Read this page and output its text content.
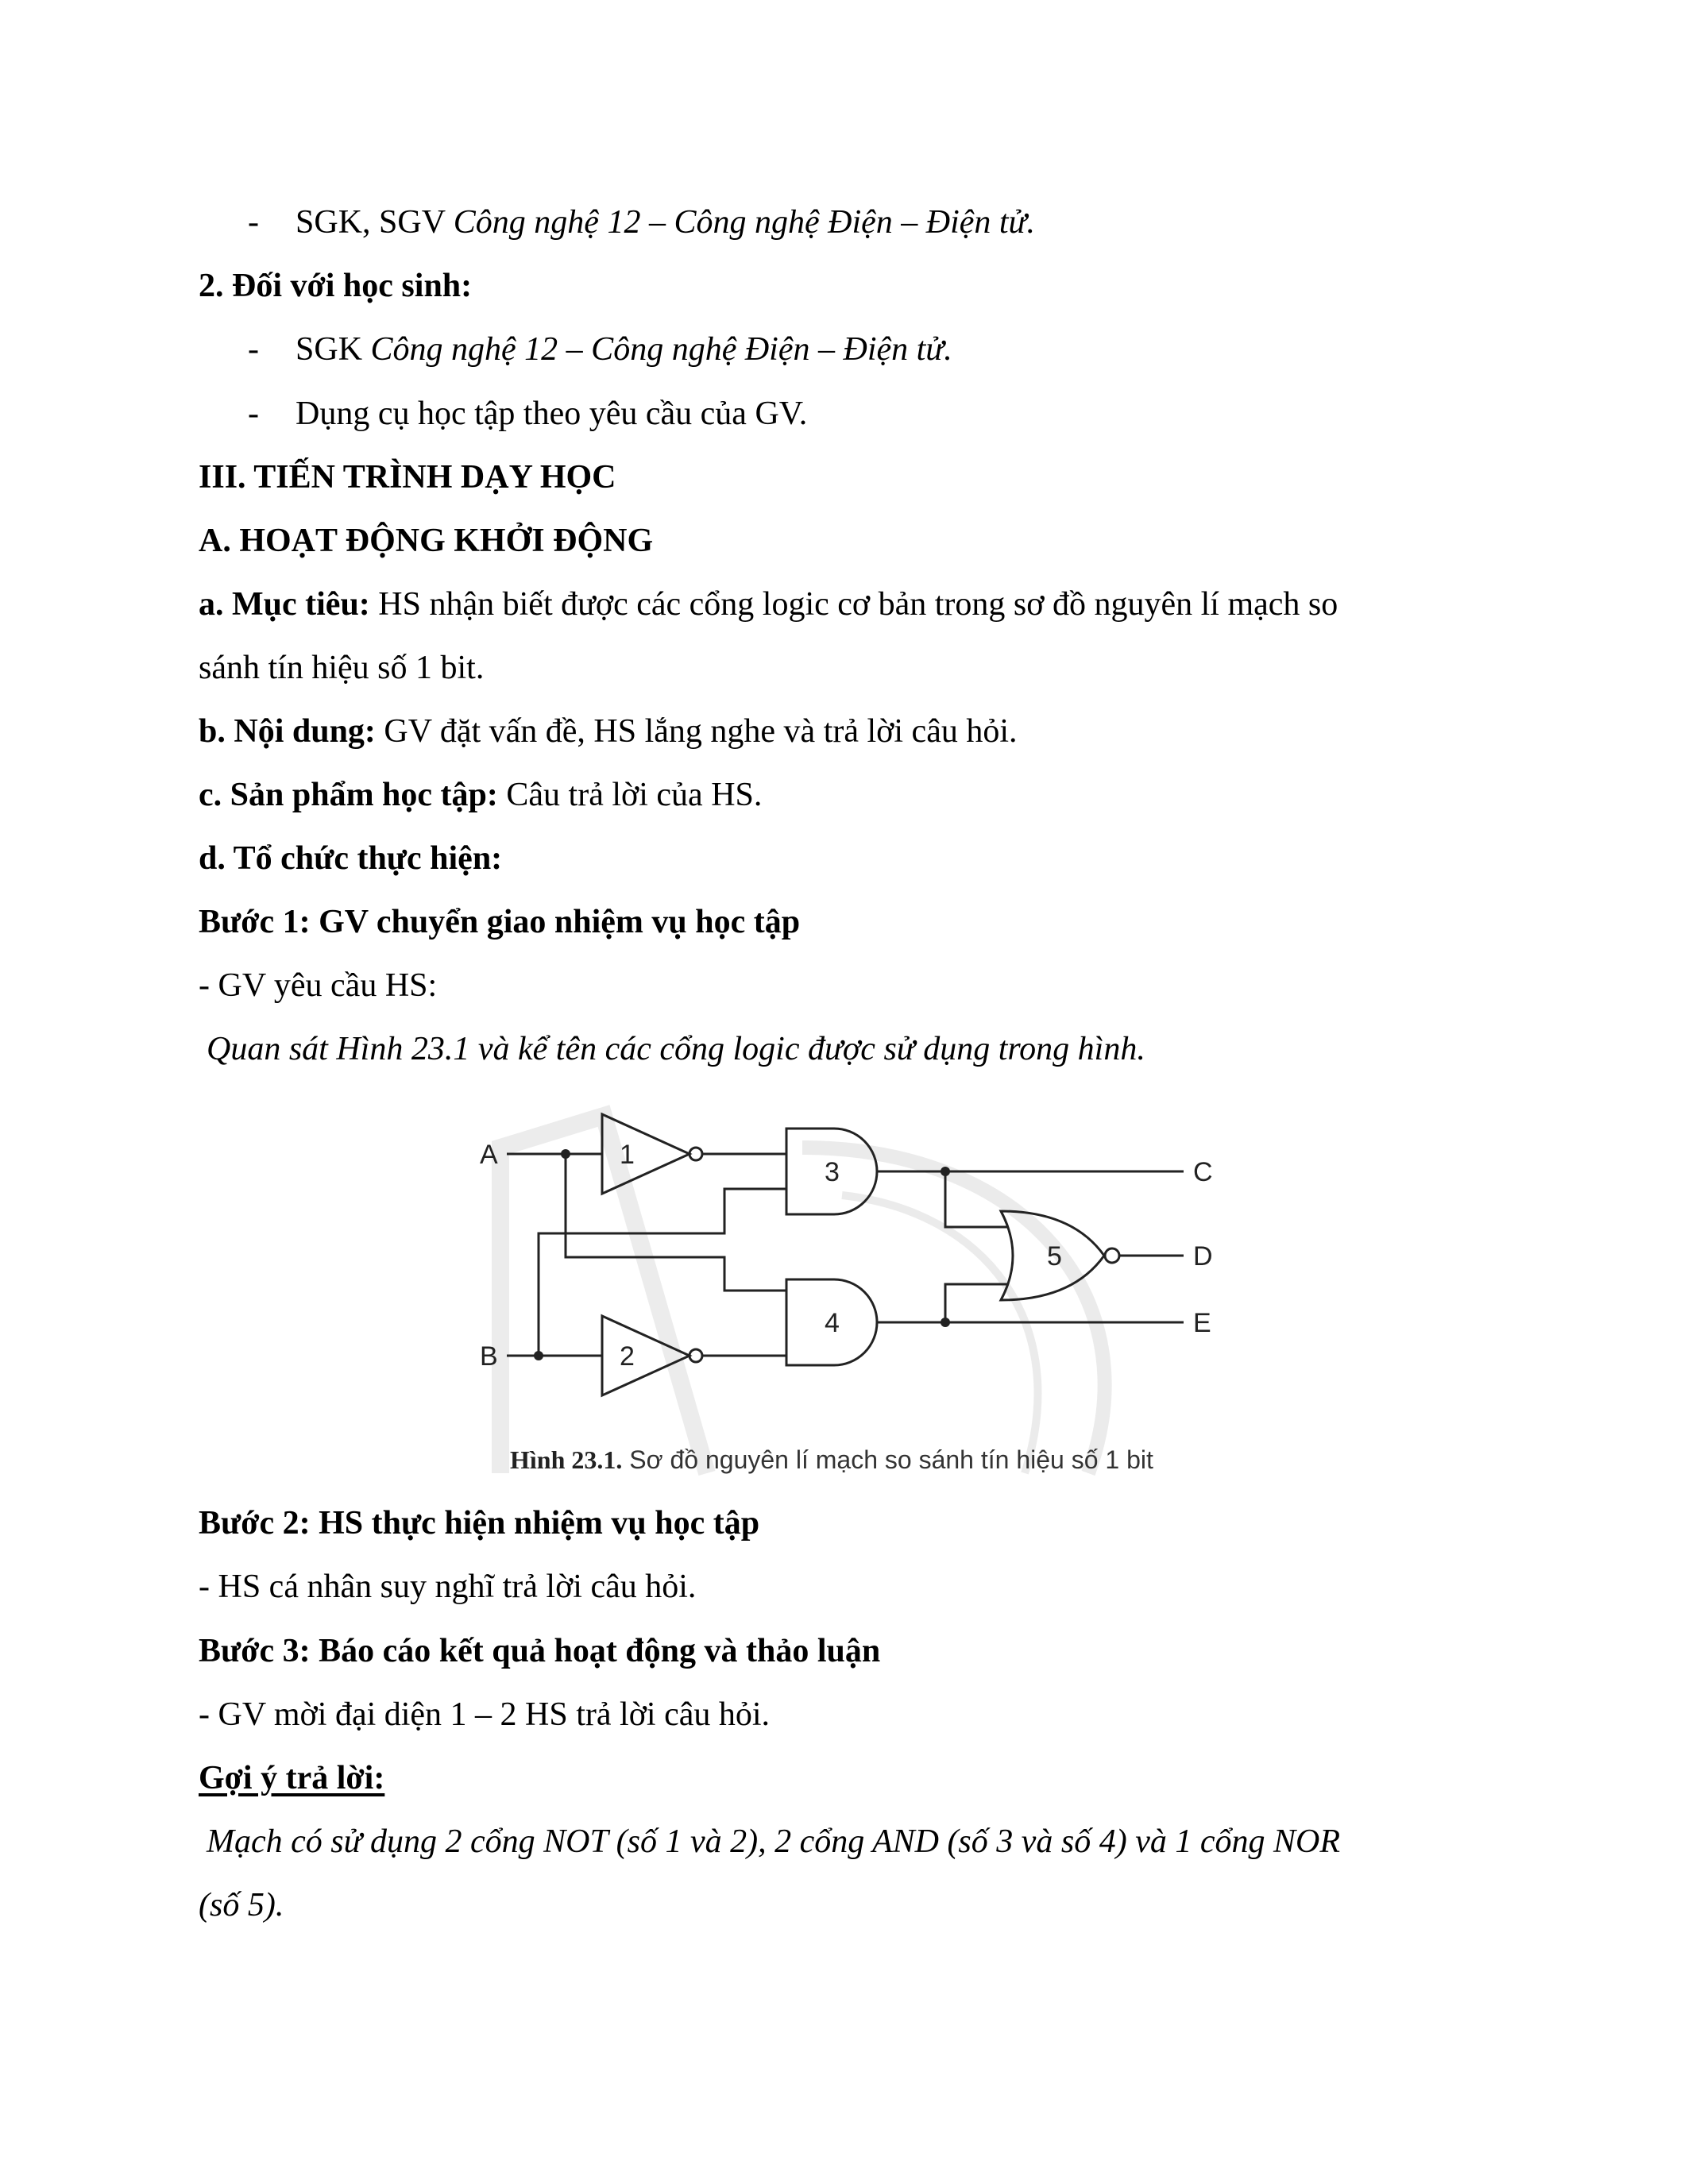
- SGK, SGV Công nghệ 12 – Công nghệ Điện – Điện tử.
2. Đối với học sinh:
- SGK Công nghệ 12 – Công nghệ Điện – Điện tử.
- Dụng cụ học tập theo yêu cầu của GV.
III. TIẾN TRÌNH DẠY HỌC
A. HOẠT ĐỘNG KHỞI ĐỘNG
a. Mục tiêu: HS nhận biết được các cổng logic cơ bản trong sơ đồ nguyên lí mạch so
sánh tín hiệu số 1 bit.
b. Nội dung: GV đặt vấn đề, HS lắng nghe và trả lời câu hỏi.
c. Sản phẩm học tập: Câu trả lời của HS.
d. Tổ chức thực hiện:
Bước 1: GV chuyển giao nhiệm vụ học tập
- GV yêu cầu HS:
Quan sát Hình 23.1 và kể tên các cổng logic được sử dụng trong hình.
A
B
C
D
E
1
2
3
4
5
Hình 23.1. Sơ đồ nguyên lí mạch so sánh tín hiệu số 1 bit
Bước 2: HS thực hiện nhiệm vụ học tập
- HS cá nhân suy nghĩ trả lời câu hỏi.
Bước 3: Báo cáo kết quả hoạt động và thảo luận
- GV mời đại diện 1 – 2 HS trả lời câu hỏi.
Gợi ý trả lời:
Mạch có sử dụng 2 cổng NOT (số 1 và 2), 2 cổng AND (số 3 và số 4) và 1 cổng NOR
(số 5).
